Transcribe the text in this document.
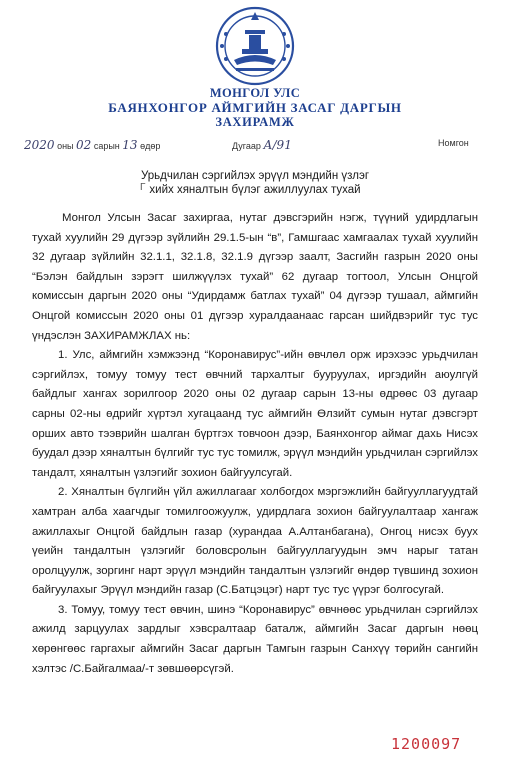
МОНГОЛ УЛС
БАЯНХОНГОР АЙМГИЙН ЗАСАГ ДАРГЫН
ЗАХИРАМЖ
2020 оны 02 сарын 13 өдөр	Дугаар А/91	Номгон
Г
Урьдчилан сэргийлэх эрүүл мэндийн үзлэг
хийх хяналтын бүлэг ажиллуулах тухай

Монгол Улсын Засаг захиргаа, нутаг дэвсгэрийн нэгж, түүний удирдлагын тухай хуулийн 29 дүгээр зүйлийн 29.1.5-ын “в”, Гамшгаас хамгаалах тухай хуулийн 32 дугаар зүйлийн 32.1.1, 32.1.8, 32.1.9 дүгээр заалт, Засгийн газрын 2020 оны “Бэлэн байдлын зэрэгт шилжүүлэх тухай” 62 дугаар тогтоол, Улсын Онцгой комиссын даргын 2020 оны “Удирдамж батлах тухай” 04 дүгээр тушаал, аймгийн Онцгой комиссын 2020 оны 01 дүгээр хуралдаанаас гарсан шийдвэрийг тус тус үндэслэн ЗАХИРАМЖЛАХ нь:

1. Улс, аймгийн хэмжээнд “Коронавирус”-ийн өвчлөл орж ирэхээс урьдчилан сэргийлэх, томуу томуу тест өвчний тархалтыг бууруулах, иргэдийн аюулгүй байдлыг хангах зорилгоор 2020 оны 02 дугаар сарын 13-ны өдрөөс 03 дугаар сарны 02-ны өдрийг хүртэл хугацаанд тус аймгийн Өлзийт сумын нутаг дэвсгэрт орших авто тээврийн шалган бүртгэх товчоон дээр, Баянхонгор аймаг дахь Нисэх буудал дээр хяналтын бүлгийг тус тус томилж, эрүүл мэндийн урьдчилан сэргийлэх тандалт, хяналтын үзлэгийг зохион байгуулсугай.

2. Хяналтын бүлгийн үйл ажиллагааг холбогдох мэргэжлийн байгууллагуудтай хамтран алба хаагчдыг томилгоожуулж, удирдлага зохион байгуулалтаар хангаж ажиллахыг Онцгой байдлын газар (хурандаа А.Алтанбагана), Онгоц нисэх буух үеийн тандалтын үзлэгийг боловсролын байгууллагуудын эмч нарыг татан оролцуулж, зоргинг нарт эрүүл мэндийн тандалтын үзлэгийг өндөр түвшинд зохион байгуулахыг Эрүүл мэндийн газар (С.Батцэцэг) нарт тус тус үүрэг болгосугай.

3. Томуу, томуу тест өвчин, шинэ “Коронавирус” өвчнөөс урьдчилан сэргийлэх ажилд зарцуулах зардлыг хэвсралтаар баталж, аймгийн Засаг даргын нөөц хөрөнгөөс гаргахыг аймгийн Засаг даргын Тамгын газрын Санхүү төрийн сангийн хэлтэс /С.Байгалмаа/-т зөвшөөрсүгэй.

1200097
